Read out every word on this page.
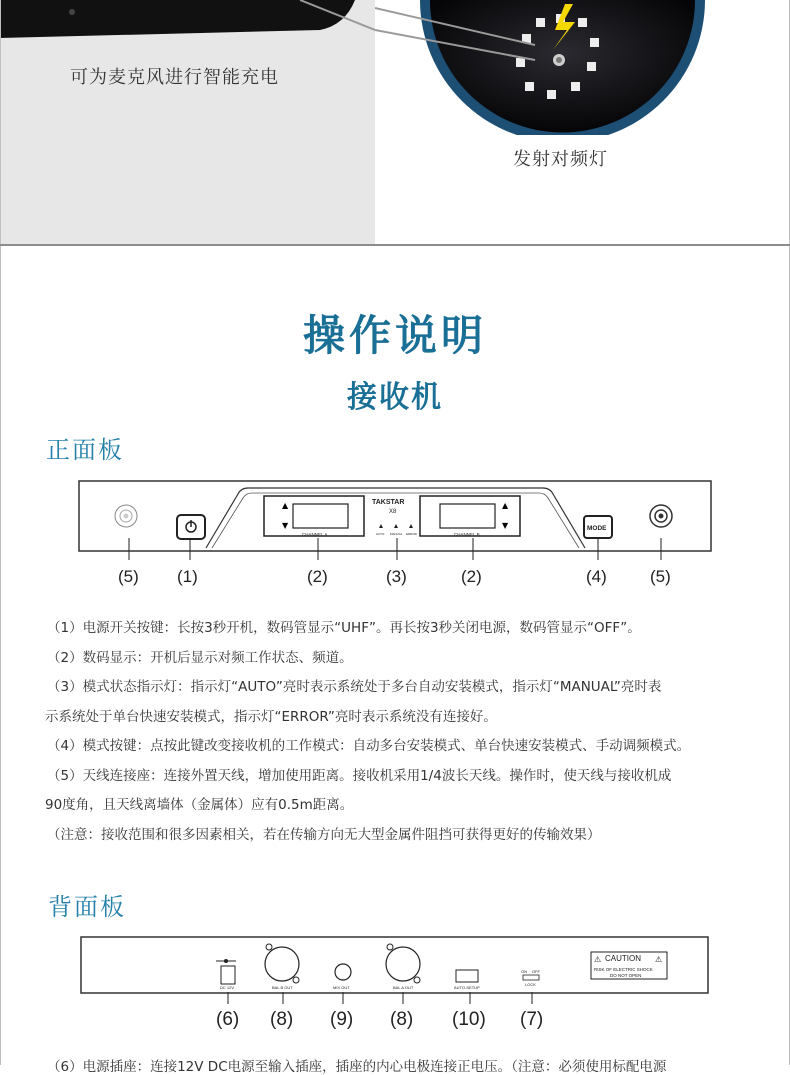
可为麦克风进行智能充电
发射对频灯
操作说明
接收机
正面板
▲
▼
CHANNEL A
TAKSTAR
X8
AUTO MANUAL ERROR
▲
▼
CHANNEL B
MODE
(5) (1)	(2)	(3)	(2)	(4)	(5)

（1）电源开关按键：长按3秒开机，数码管显示“UHF”。再长按3秒关闭电源，数码管显示“OFF”。

（2）数码显示：开机后显示对频工作状态、频道。

（3）模式状态指示灯：指示灯“AUTO”亮时表示系统处于多台自动安装模式，指示灯“MANUAL”亮时表

示系统处于单台快速安装模式，指示灯“ERROR”亮时表示系统没有连接好。

（4）模式按键：点按此键改变接收机的工作模式：自动多台安装模式、单台快速安装模式、手动调频模式。

（5）天线连接座：连接外置天线，增加使用距离。接收机采用1/4波长天线。操作时，使天线与接收机成

90度角，且天线离墙体（金属体）应有0.5m距离。

（注意：接收范围和很多因素相关，若在传输方向无大型金属件阻挡可获得更好的传输效果）

背面板
DC 12V	BAL B OUT	MIX OUT	BAL A OUT	AUTO-SETUP
ON OFF
LOCK
⚠	⚠
CAUTION
RISK OF ELECTRIC SHOCK
DO NOT OPEN
(6) (8) (9) (8) (10) (7)
（6）电源插座：连接12V DC电源至输入插座，插座的内心电极连接正电压。（注意：必须使用标配电源
